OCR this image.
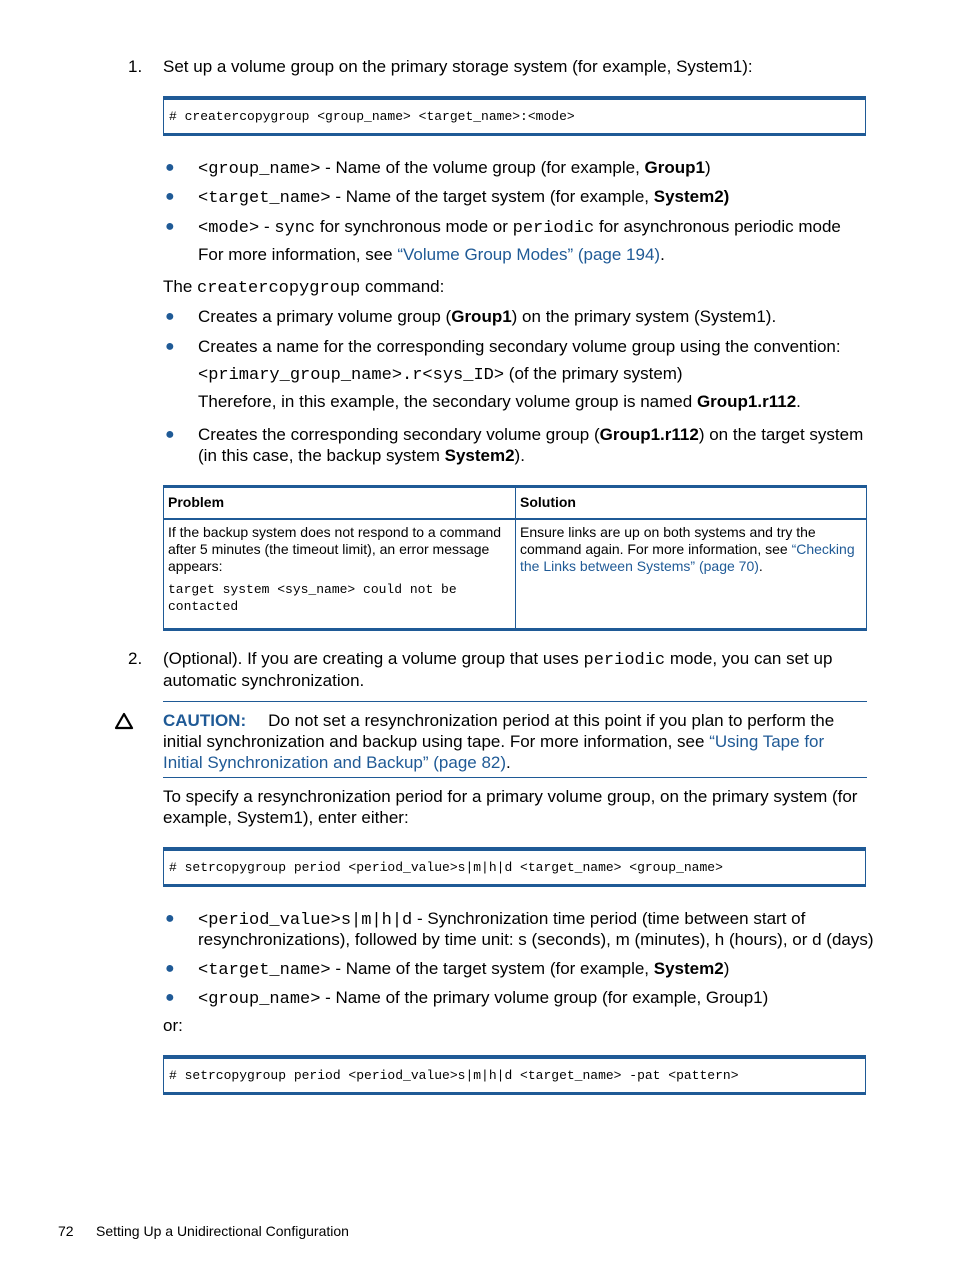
1. Set up a volume group on the primary storage system (for example, System1):
# creatercopygroup <group_name> <target_name>:<mode>
● <group_name> - Name of the volume group (for example, Group1)
● <target_name> - Name of the target system (for example, System2)
● <mode> - sync for synchronous mode or periodic for asynchronous periodic mode
For more information, see “Volume Group Modes” (page 194).
The creatercopygroup command:
● Creates a primary volume group (Group1) on the primary system (System1).
● Creates a name for the corresponding secondary volume group using the convention:
<primary_group_name>.r<sys_ID> (of the primary system)
Therefore, in this example, the secondary volume group is named Group1.r112.
● Creates the corresponding secondary volume group (Group1.r112) on the target system
(in this case, the backup system System2).
Problem	Solution

If the backup system does not respond to a command after 5 minutes (the timeout limit), an error message appears:
target system <sys_name> could not be contacted	Ensure links are up on both systems and try the command again. For more information, see “Checking the Links between Systems” (page 70).
2. (Optional). If you are creating a volume group that uses periodic mode, you can set up
automatic synchronization.
CAUTION: Do not set a resynchronization period at this point if you plan to perform the
initial synchronization and backup using tape. For more information, see “Using Tape for
Initial Synchronization and Backup” (page 82).
To specify a resynchronization period for a primary volume group, on the primary system (for
example, System1), enter either:
# setrcopygroup period <period_value>s|m|h|d <target_name> <group_name>
● <period_value>s|m|h|d - Synchronization time period (time between start of
resynchronizations), followed by time unit: s (seconds), m (minutes), h (hours), or d (days)
● <target_name> - Name of the target system (for example, System2)
● <group_name> - Name of the primary volume group (for example, Group1)
or:
# setrcopygroup period <period_value>s|m|h|d <target_name> -pat <pattern>
72 Setting Up a Unidirectional Configuration
